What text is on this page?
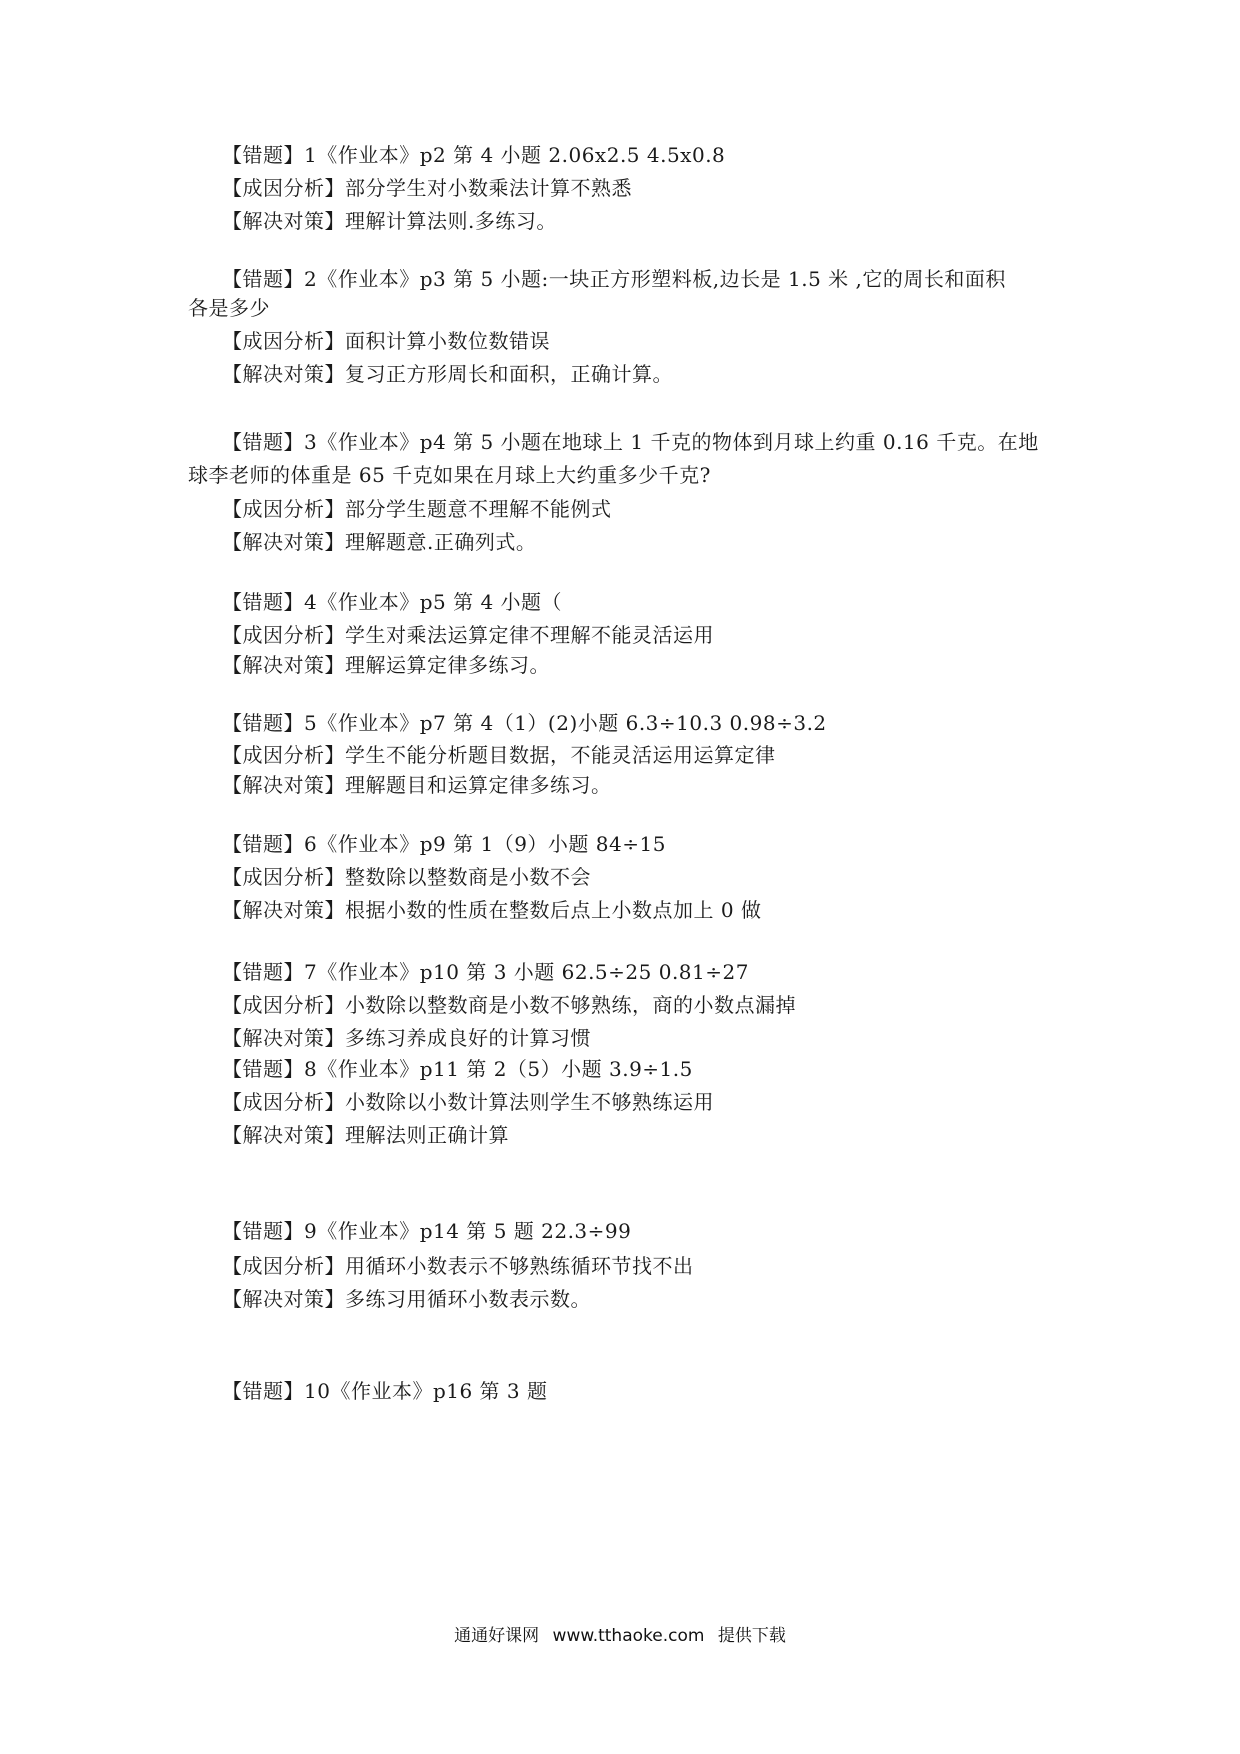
【错题】1《作业本》p2 第 4 小题 2.06x2.5 4.5x0.8
【成因分析】部分学生对小数乘法计算不熟悉
【解决对策】理解计算法则.多练习。
【错题】2《作业本》p3 第 5 小题:一块正方形塑料板,边长是 1.5 米 ,它的周长和面积
各是多少
【成因分析】面积计算小数位数错误
【解决对策】复习正方形周长和面积，正确计算。
【错题】3《作业本》p4 第 5 小题在地球上 1 千克的物体到月球上约重 0.16 千克。在地
球李老师的体重是 65 千克如果在月球上大约重多少千克?
【成因分析】部分学生题意不理解不能例式
【解决对策】理解题意.正确列式。
【错题】4《作业本》p5 第 4 小题（
【成因分析】学生对乘法运算定律不理解不能灵活运用
【解决对策】理解运算定律多练习。
【错题】5《作业本》p7 第 4（1）(2)小题 6.3÷10.3 0.98÷3.2
【成因分析】学生不能分析题目数据，不能灵活运用运算定律
【解决对策】理解题目和运算定律多练习。
【错题】6《作业本》p9 第 1（9）小题 84÷15
【成因分析】整数除以整数商是小数不会
【解决对策】根据小数的性质在整数后点上小数点加上 0 做
【错题】7《作业本》p10 第 3 小题 62.5÷25 0.81÷27
【成因分析】小数除以整数商是小数不够熟练，商的小数点漏掉
【解决对策】多练习养成良好的计算习惯
【错题】8《作业本》p11 第 2（5）小题 3.9÷1.5
【成因分析】小数除以小数计算法则学生不够熟练运用
【解决对策】理解法则正确计算
【错题】9《作业本》p14 第 5 题 22.3÷99
【成因分析】用循环小数表示不够熟练循环节找不出
【解决对策】多练习用循环小数表示数。
【错题】10《作业本》p16 第 3 题
通通好课网 www.tthaoke.com 提供下载
